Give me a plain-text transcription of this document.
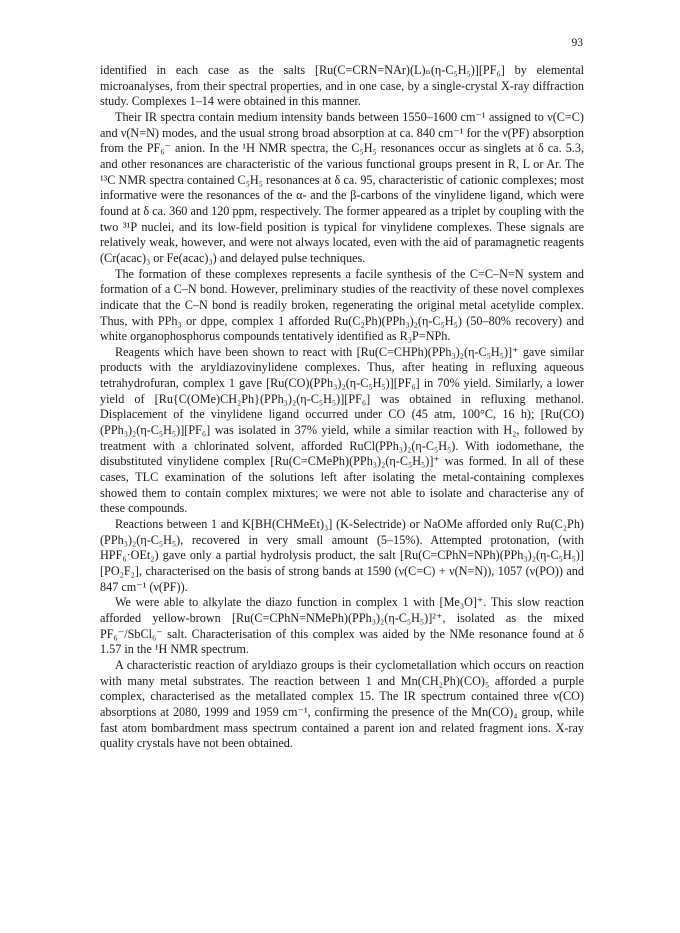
93

identified in each case as the salts [Ru(C=CRN=NAr)(L)ₙ(η-C₅H₅)][PF₆] by elemental microanalyses, from their spectral properties, and in one case, by a single-crystal X-ray diffraction study. Complexes 1–14 were obtained in this manner.

Their IR spectra contain medium intensity bands between 1550–1600 cm⁻¹ assigned to ν(C=C) and ν(N=N) modes, and the usual strong broad absorption at ca. 840 cm⁻¹ for the ν(PF) absorption from the PF₆⁻ anion. In the ¹H NMR spectra, the C₅H₅ resonances occur as singlets at δ ca. 5.3, and other resonances are characteristic of the various functional groups present in R, L or Ar. The ¹³C NMR spectra contained C₅H₅ resonances at δ ca. 95, characteristic of cationic complexes; most informative were the resonances of the α- and the β-carbons of the vinylidene ligand, which were found at δ ca. 360 and 120 ppm, respectively. The former appeared as a triplet by coupling with the two ³¹P nuclei, and its low-field position is typical for vinylidene complexes. These signals are relatively weak, however, and were not always located, even with the aid of paramagnetic reagents (Cr(acac)₃ or Fe(acac)₃) and delayed pulse techniques.

The formation of these complexes represents a facile synthesis of the C=C–N=N system and formation of a C–N bond. However, preliminary studies of the reactivity of these novel complexes indicate that the C–N bond is readily broken, regenerating the original metal acetylide complex. Thus, with PPh₃ or dppe, complex 1 afforded Ru(C₂Ph)(PPh₃)₂(η-C₅H₅) (50–80% recovery) and white organophosphorus compounds tentatively identified as R₃P=NPh.

Reagents which have been shown to react with [Ru(C=CHPh)(PPh₃)₂(η-C₅H₅)]⁺ gave similar products with the aryldiazovinylidene complexes. Thus, after heating in refluxing aqueous tetrahydrofuran, complex 1 gave [Ru(CO)(PPh₃)₂(η-C₅H₅)][PF₆] in 70% yield. Similarly, a lower yield of [Ru{C(OMe)CH₂Ph}(PPh₃)₂(η-C₅H₅)][PF₆] was obtained in refluxing methanol. Displacement of the vinylidene ligand occurred under CO (45 atm, 100°C, 16 h); [Ru(CO)(PPh₃)₂(η-C₅H₅)][PF₆] was isolated in 37% yield, while a similar reaction with H₂, followed by treatment with a chlorinated solvent, afforded RuCl(PPh₃)₂(η-C₅H₅). With iodomethane, the disubstituted vinylidene complex [Ru(C=CMePh)(PPh₃)₂(η-C₅H₅)]⁺ was formed. In all of these cases, TLC examination of the solutions left after isolating the metal-containing complexes showed them to contain complex mixtures; we were not able to isolate and characterise any of these compounds.

Reactions between 1 and K[BH(CHMeEt)₃] (K-Selectride) or NaOMe afforded only Ru(C₂Ph)(PPh₃)₂(η-C₅H₅), recovered in very small amount (5–15%). Attempted protonation, (with HPF₆·OEt₂) gave only a partial hydrolysis product, the salt [Ru(C=CPhN=NPh)(PPh₃)₂(η-C₅H₅)][PO₂F₂], characterised on the basis of strong bands at 1590 (ν(C=C) + ν(N=N)), 1057 (ν(PO)) and 847 cm⁻¹ (ν(PF)).

We were able to alkylate the diazo function in complex 1 with [Me₃O]⁺. This slow reaction afforded yellow-brown [Ru(C=CPhN=NMePh)(PPh₃)₂(η-C₅H₅)]²⁺, isolated as the mixed PF₆⁻/SbCl₆⁻ salt. Characterisation of this complex was aided by the NMe resonance found at δ 1.57 in the ¹H NMR spectrum.

A characteristic reaction of aryldiazo groups is their cyclometallation which occurs on reaction with many metal substrates. The reaction between 1 and Mn(CH₂Ph)(CO)₅ afforded a purple complex, characterised as the metallated complex 15. The IR spectrum contained three ν(CO) absorptions at 2080, 1999 and 1959 cm⁻¹, confirming the presence of the Mn(CO)₄ group, while fast atom bombardment mass spectrum contained a parent ion and related fragment ions. X-ray quality crystals have not been obtained.
